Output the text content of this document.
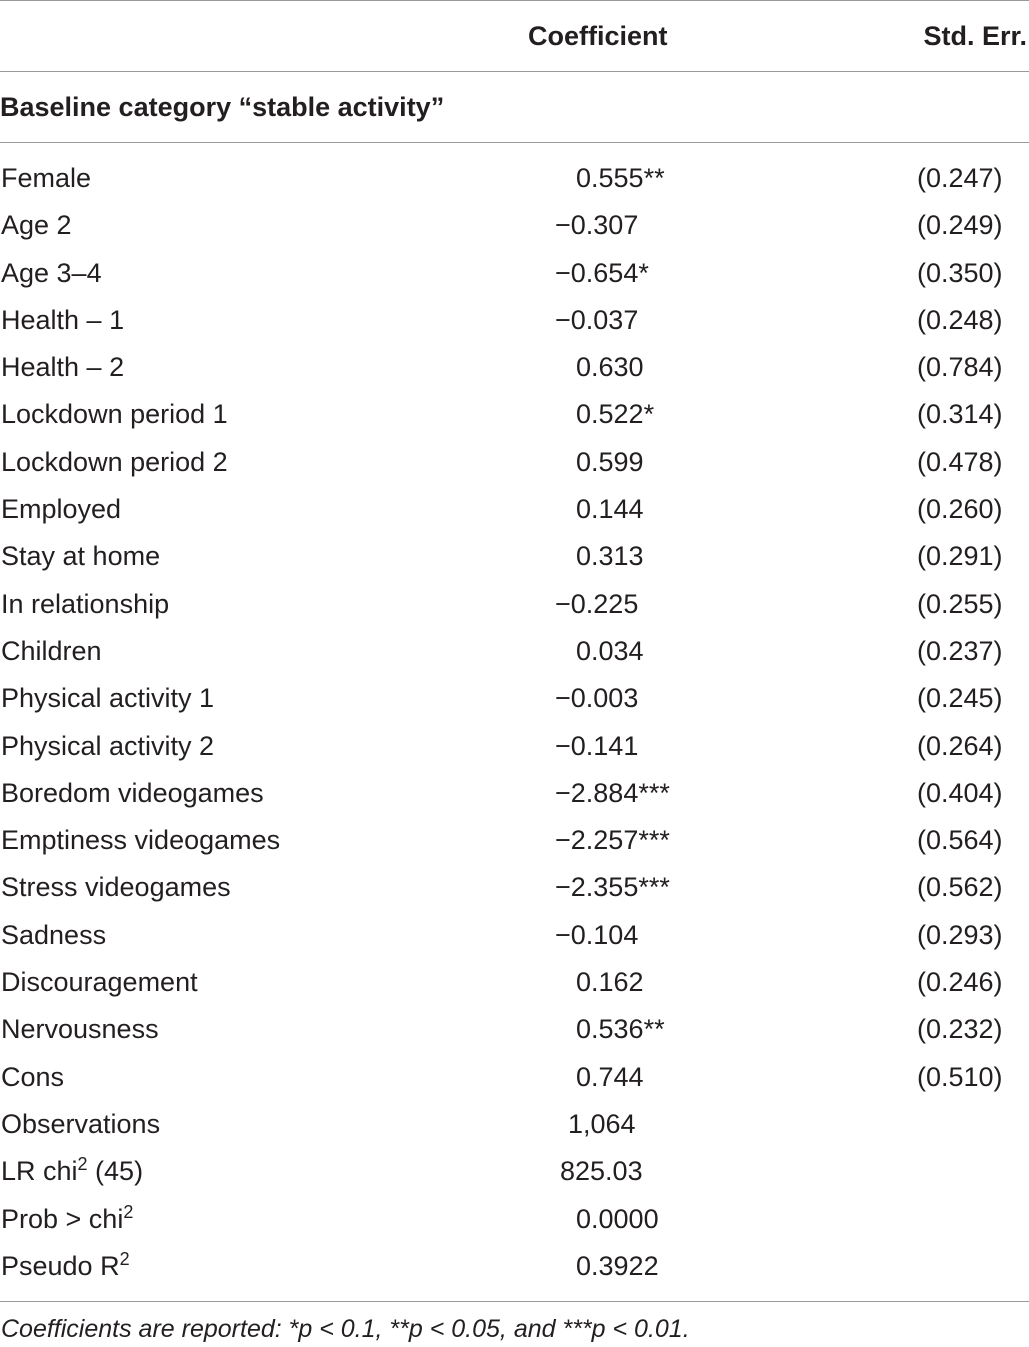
Coefficient	Std. Err.
Baseline category “stable activity”
Female	0.555**	(0.247)
Age 2	−0.307	(0.249)
Age 3–4	−0.654*	(0.350)
Health – 1	−0.037	(0.248)
Health – 2	0.630	(0.784)
Lockdown period 1	0.522*	(0.314)
Lockdown period 2	0.599	(0.478)
Employed	0.144	(0.260)
Stay at home	0.313	(0.291)
In relationship	−0.225	(0.255)
Children	0.034	(0.237)
Physical activity 1	−0.003	(0.245)
Physical activity 2	−0.141	(0.264)
Boredom videogames	−2.884***	(0.404)
Emptiness videogames	−2.257***	(0.564)
Stress videogames	−2.355***	(0.562)
Sadness	−0.104	(0.293)
Discouragement	0.162	(0.246)
Nervousness	0.536**	(0.232)
Cons	0.744	(0.510)
Observations	1,064
LR chi$^2$ (45)	825.03
Prob > chi$^2$	0.0000
Pseudo $R^2$	0.3922
Coefficients are reported: *p < 0.1, **p < 0.05, and ***p < 0.01.
